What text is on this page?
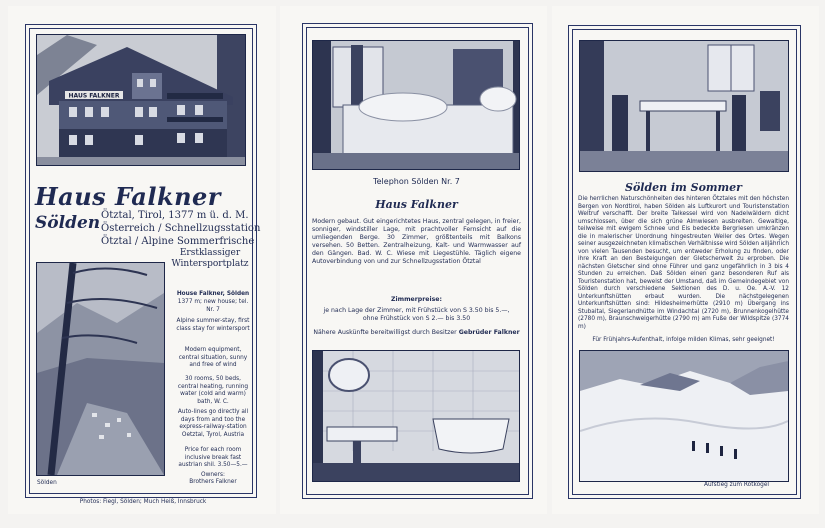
HAUS FALKNER
Haus Falkner
Sölden Ötztal, Tirol, 1377 m ü. d. M.
Österreich / Schnellzugsstation
Ötztal / Alpine Sommerfrische
Erstklassiger
Wintersportplatz
House Falkner, Sölden
1377 m; new house; tel. Nr. 7
Alpine summer-stay, first class stay for wintersport
Modern equipment, central situation, sunny and free of wind
30 rooms, 50 beds, central heating, running water (cold and warm) bath, W. C.
Auto-lines go directly all days from and too the express-railway-station Oetztal, Tyrol, Austria
Price for each room inclusive break fast austrian shil. 3.50—5.—
Owners:
Brothers Falkner
Sölden
Photos: Fiegl, Sölden; Much Heiß, Innsbruck
Telephon Sölden Nr. 7
Haus Falkner
Modern gebaut. Gut eingerichtetes Haus, zentral gelegen, in freier, sonniger, windstiller Lage, mit prachtvoller Fernsicht auf die umliegenden Berge. 30 Zimmer, größtenteils mit Balkons versehen. 50 Betten. Zentralheizung, Kalt- und Warmwasser auf den Gängen. Bad. W. C. Wiese mit Liegestühle. Täglich eigene Autoverbindung von und zur Schnellzugsstation Ötztal
Zimmerpreise:
je nach Lage der Zimmer, mit Frühstück von S 3.50 bis 5.—,
ohne Frühstück von S 2.— bis 3.50
Nähere Auskünfte bereitwilligst durch Besitzer Gebrüder Falkner
Sölden im Sommer
Die herrlichen Naturschönheiten des hinteren Ötztales mit den höchsten Bergen von Nordtirol, haben Sölden als Luftkurort und Touristenstation Weltruf verschafft. Der breite Talkessel wird von Nadelwäldern dicht umschlossen, über die sich grüne Almwiesen ausbreiten. Gewaltige, teilweise mit ewigem Schnee und Eis bedeckte Bergriesen umkränzen die in malerischer Unordnung hingestreuten Weiler des Ortes. Wegen seiner ausgezeichneten klimatischen Verhältnisse wird Sölden alljährlich von vielen Tausenden besucht, um entweder Erholung zu finden, oder ihre Kraft an den Besteigungen der Gletscherwelt zu erproben. Die nächsten Gletscher sind ohne Führer und ganz ungefährlich in 3 bis 4 Stunden zu erreichen. Daß Sölden einen ganz besonderen Ruf als Touristenstation hat, beweist der Umstand, daß im Gemeindegebiet von Sölden durch verschiedene Sektionen des D. u. Oe. A.-V. 12 Unterkunftshütten erbaut wurden. Die nächstgelegenen Unterkunftshütten sind: Hildesheimerhütte (2910 m) Übergang ins Stubaital, Siegerlandhütte im Windachtal (2720 m), Brunnenkogelhütte (2780 m), Braunschweigerhütte (2790 m) am Fuße der Wildspitze (3774 m)
Für Frühjahrs-Aufenthalt, infolge milden Klimas, sehr geeignet!
Aufstieg zum Rotkogel
